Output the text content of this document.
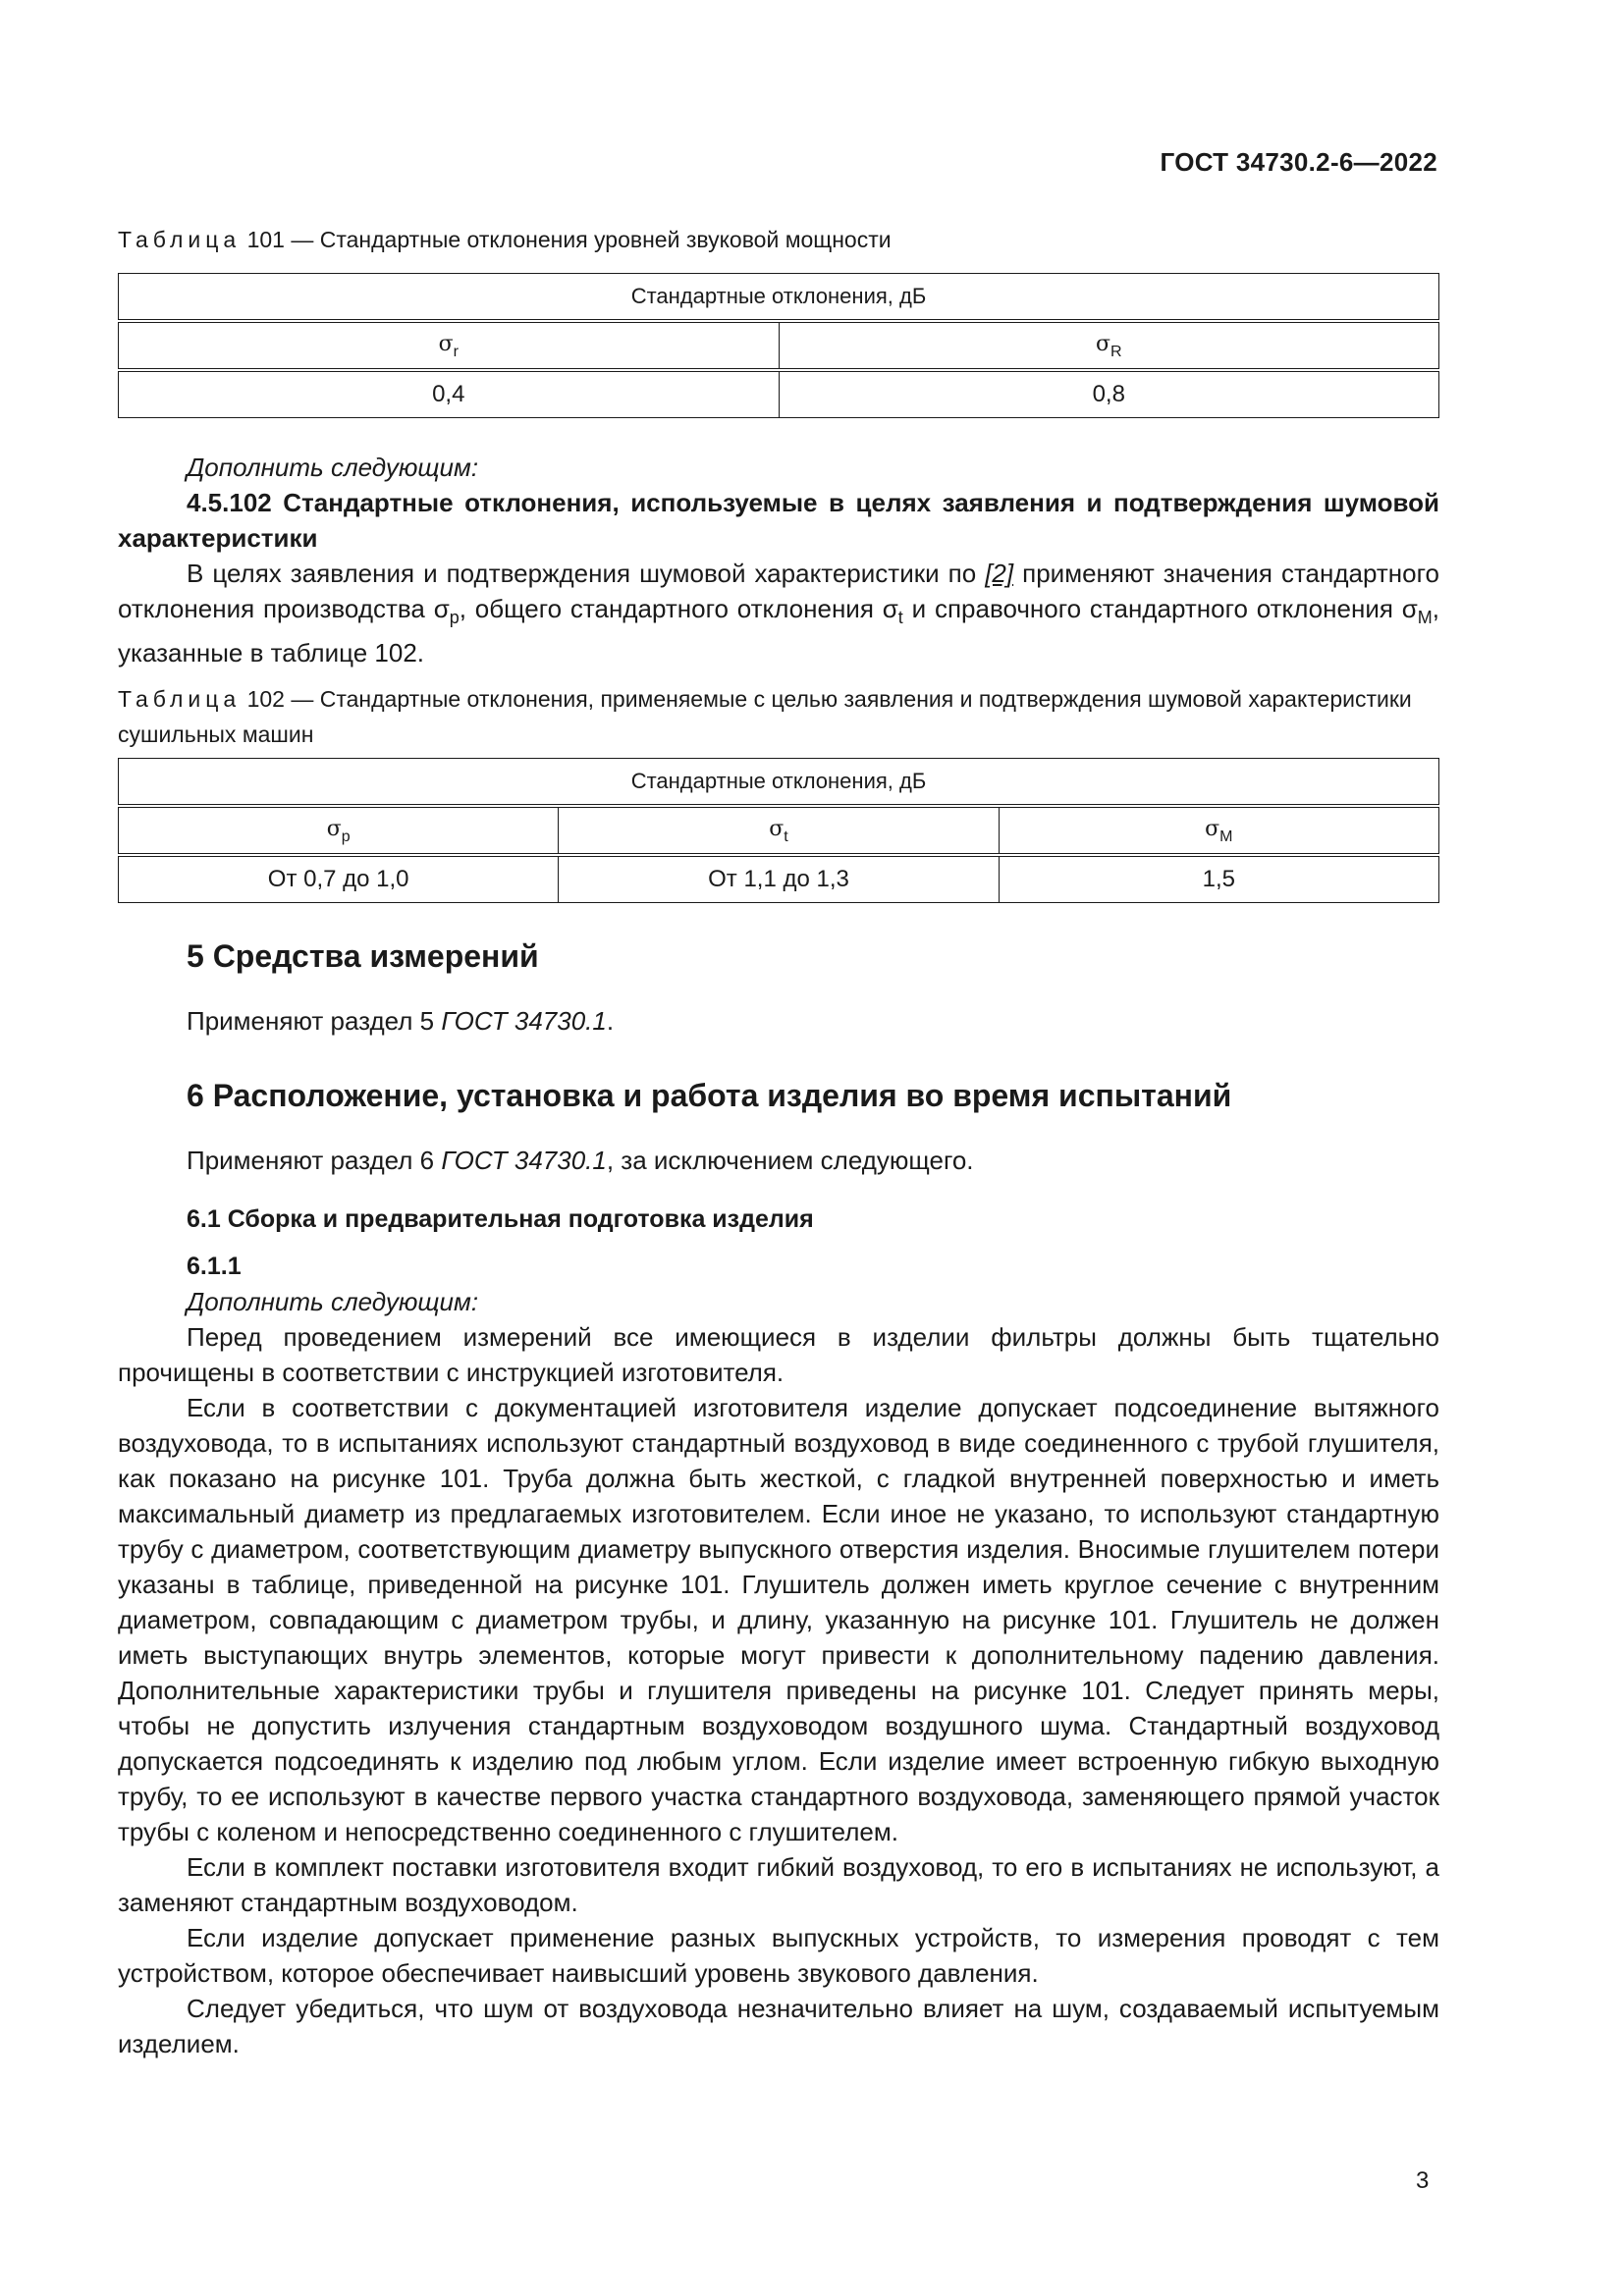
ГОСТ 34730.2-6—2022
Таблица 101 — Стандартные отклонения уровней звуковой мощности
Стандартные отклонения, дБ	
$\sigma_r$	$\sigma_R$
0,4	0,8

Дополнить следующим:

4.5.102 Стандартные отклонения, используемые в целях заявления и подтверждения шумовой характеристики

В целях заявления и подтверждения шумовой характеристики по [2] применяют значения стандартного отклонения производства $\sigma_p$, общего стандартного отклонения $\sigma_t$ и справочного стандартного отклонения $\sigma_M$, указанные в таблице 102.

Таблица 102 — Стандартные отклонения, применяемые с целью заявления и подтверждения шумовой характеристики сушильных машин
Стандартные отклонения, дБ		
$\sigma_p$	$\sigma_t$	$\sigma_M$
От 0,7 до 1,0	От 1,1 до 1,3	1,5
5 Средства измерений

Применяют раздел 5 ГОСТ 34730.1.

6 Расположение, установка и работа изделия во время испытаний

Применяют раздел 6 ГОСТ 34730.1, за исключением следующего.

6.1 Сборка и предварительная подготовка изделия
6.1.1

Дополнить следующим:

Перед проведением измерений все имеющиеся в изделии фильтры должны быть тщательно прочищены в соответствии с инструкцией изготовителя.

Если в соответствии с документацией изготовителя изделие допускает подсоединение вытяжного воздуховода, то в испытаниях используют стандартный воздуховод в виде соединенного с трубой глушителя, как показано на рисунке 101. Труба должна быть жесткой, с гладкой внутренней поверхностью и иметь максимальный диаметр из предлагаемых изготовителем. Если иное не указано, то используют стандартную трубу с диаметром, соответствующим диаметру выпускного отверстия изделия. Вносимые глушителем потери указаны в таблице, приведенной на рисунке 101. Глушитель должен иметь круглое сечение с внутренним диаметром, совпадающим с диаметром трубы, и длину, указанную на рисунке 101. Глушитель не должен иметь выступающих внутрь элементов, которые могут привести к дополнительному падению давления. Дополнительные характеристики трубы и глушителя приведены на рисунке 101. Следует принять меры, чтобы не допустить излучения стандартным воздуховодом воздушного шума. Стандартный воздуховод допускается подсоединять к изделию под любым углом. Если изделие имеет встроенную гибкую выходную трубу, то ее используют в качестве первого участка стандартного воздуховода, заменяющего прямой участок трубы с коленом и непосредственно соединенного с глушителем.

Если в комплект поставки изготовителя входит гибкий воздуховод, то его в испытаниях не используют, а заменяют стандартным воздуховодом.

Если изделие допускает применение разных выпускных устройств, то измерения проводят с тем устройством, которое обеспечивает наивысший уровень звукового давления.

Следует убедиться, что шум от воздуховода незначительно влияет на шум, создаваемый испытуемым изделием.

3
